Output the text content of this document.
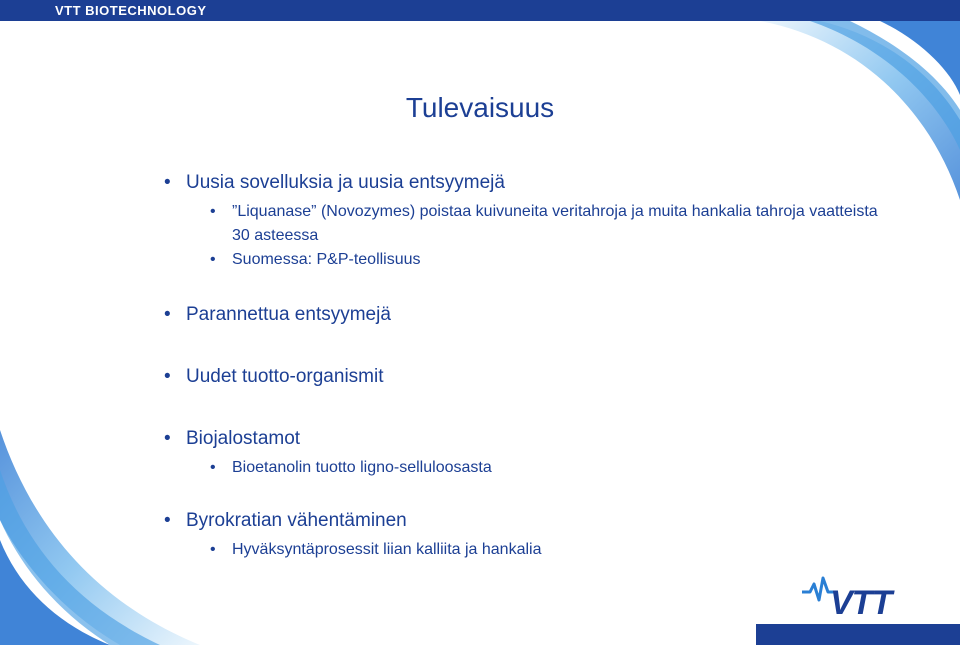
VTT BIOTECHNOLOGY
Tulevaisuus
• Uusia sovelluksia ja uusia entsyymejä
• ”Liquanase” (Novozymes) poistaa kuivuneita veritahroja ja muita hankalia tahroja vaatteista 30 asteessa
• Suomessa: P&P-teollisuus
• Parannettua entsyymejä
• Uudet tuotto-organismit
• Biojalostamot
• Bioetanolin tuotto ligno-selluloosasta
• Byrokratian vähentäminen
• Hyväksyntäprosessit liian kalliita ja hankalia
VTT
